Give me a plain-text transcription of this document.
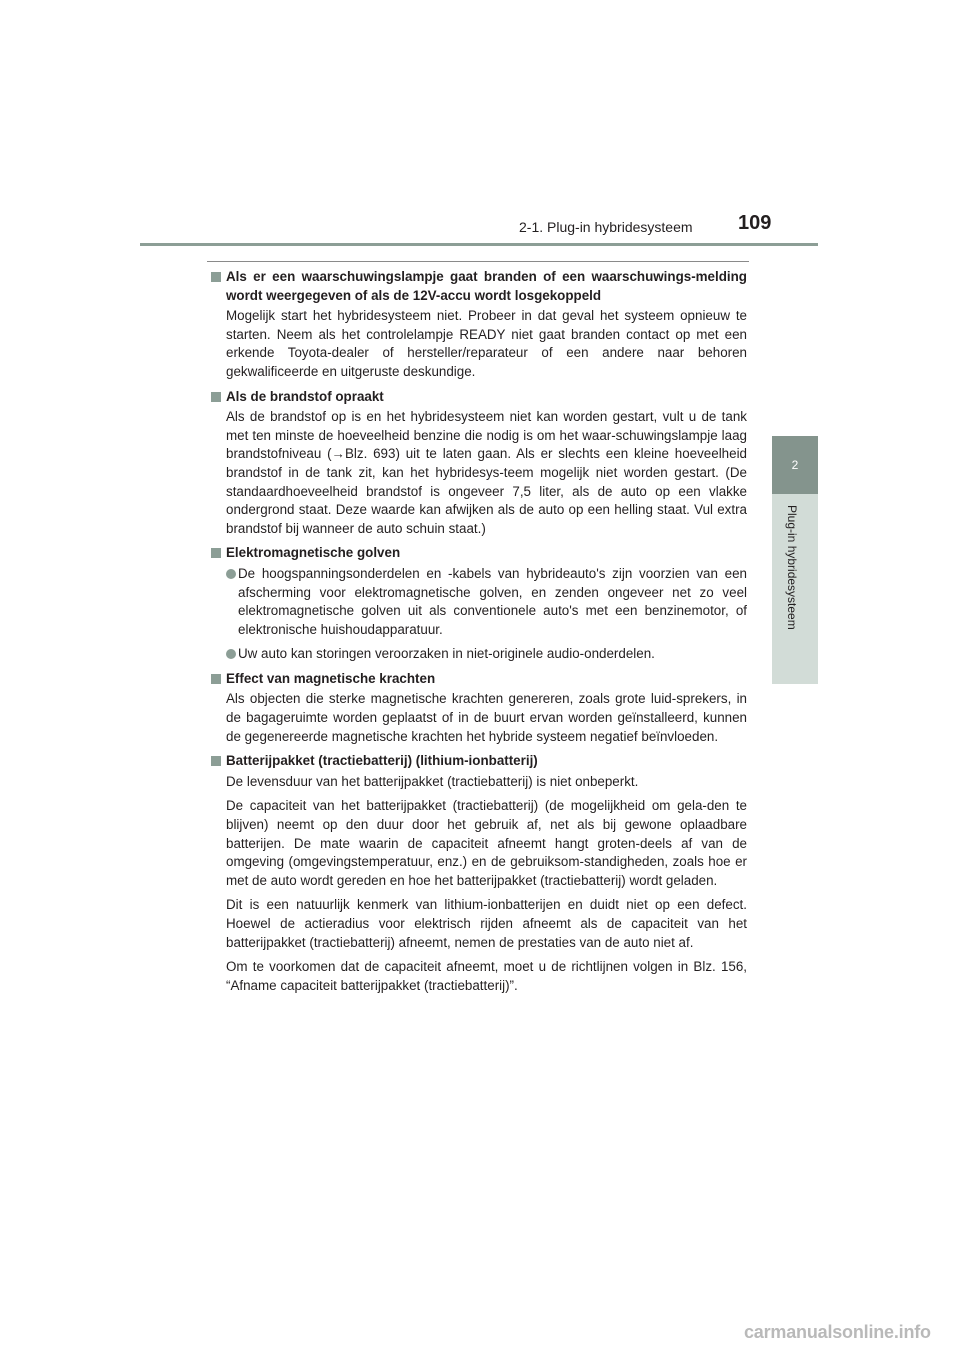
2-1. Plug-in hybridesysteem 109
2
Plug-in hybridesysteem
Als er een waarschuwingslampje gaat branden of een waarschuwings-melding wordt weergegeven of als de 12V-accu wordt losgekoppeld
Mogelijk start het hybridesysteem niet. Probeer in dat geval het systeem opnieuw te starten. Neem als het controlelampje READY niet gaat branden contact op met een erkende Toyota-dealer of hersteller/reparateur of een andere naar behoren gekwalificeerde en uitgeruste deskundige.
Als de brandstof opraakt
Als de brandstof op is en het hybridesysteem niet kan worden gestart, vult u de tank met ten minste de hoeveelheid benzine die nodig is om het waar-schuwingslampje laag brandstofniveau (→Blz. 693) uit te laten gaan. Als er slechts een kleine hoeveelheid brandstof in de tank zit, kan het hybridesys-teem mogelijk niet worden gestart. (De standaardhoeveelheid brandstof is ongeveer 7,5 liter, als de auto op een vlakke ondergrond staat. Deze waarde kan afwijken als de auto op een helling staat. Vul extra brandstof bij wanneer de auto schuin staat.)
Elektromagnetische golven
De hoogspanningsonderdelen en -kabels van hybrideauto's zijn voorzien van een afscherming voor elektromagnetische golven, en zenden ongeveer net zo veel elektromagnetische golven uit als conventionele auto's met een benzinemotor, of elektronische huishoudapparatuur.
Uw auto kan storingen veroorzaken in niet-originele audio-onderdelen.
Effect van magnetische krachten
Als objecten die sterke magnetische krachten genereren, zoals grote luid-sprekers, in de bagageruimte worden geplaatst of in de buurt ervan worden geïnstalleerd, kunnen de gegenereerde magnetische krachten het hybride systeem negatief beïnvloeden.
Batterijpakket (tractiebatterij) (lithium-ionbatterij)
De levensduur van het batterijpakket (tractiebatterij) is niet onbeperkt.
De capaciteit van het batterijpakket (tractiebatterij) (de mogelijkheid om gela-den te blijven) neemt op den duur door het gebruik af, net als bij gewone oplaadbare batterijen. De mate waarin de capaciteit afneemt hangt groten-deels af van de omgeving (omgevingstemperatuur, enz.) en de gebruiksom-standigheden, zoals hoe er met de auto wordt gereden en hoe het batterijpakket (tractiebatterij) wordt geladen.
Dit is een natuurlijk kenmerk van lithium-ionbatterijen en duidt niet op een defect. Hoewel de actieradius voor elektrisch rijden afneemt als de capaciteit van het batterijpakket (tractiebatterij) afneemt, nemen de prestaties van de auto niet af.
Om te voorkomen dat de capaciteit afneemt, moet u de richtlijnen volgen in Blz. 156, “Afname capaciteit batterijpakket (tractiebatterij)”.
carmanualsonline.info
